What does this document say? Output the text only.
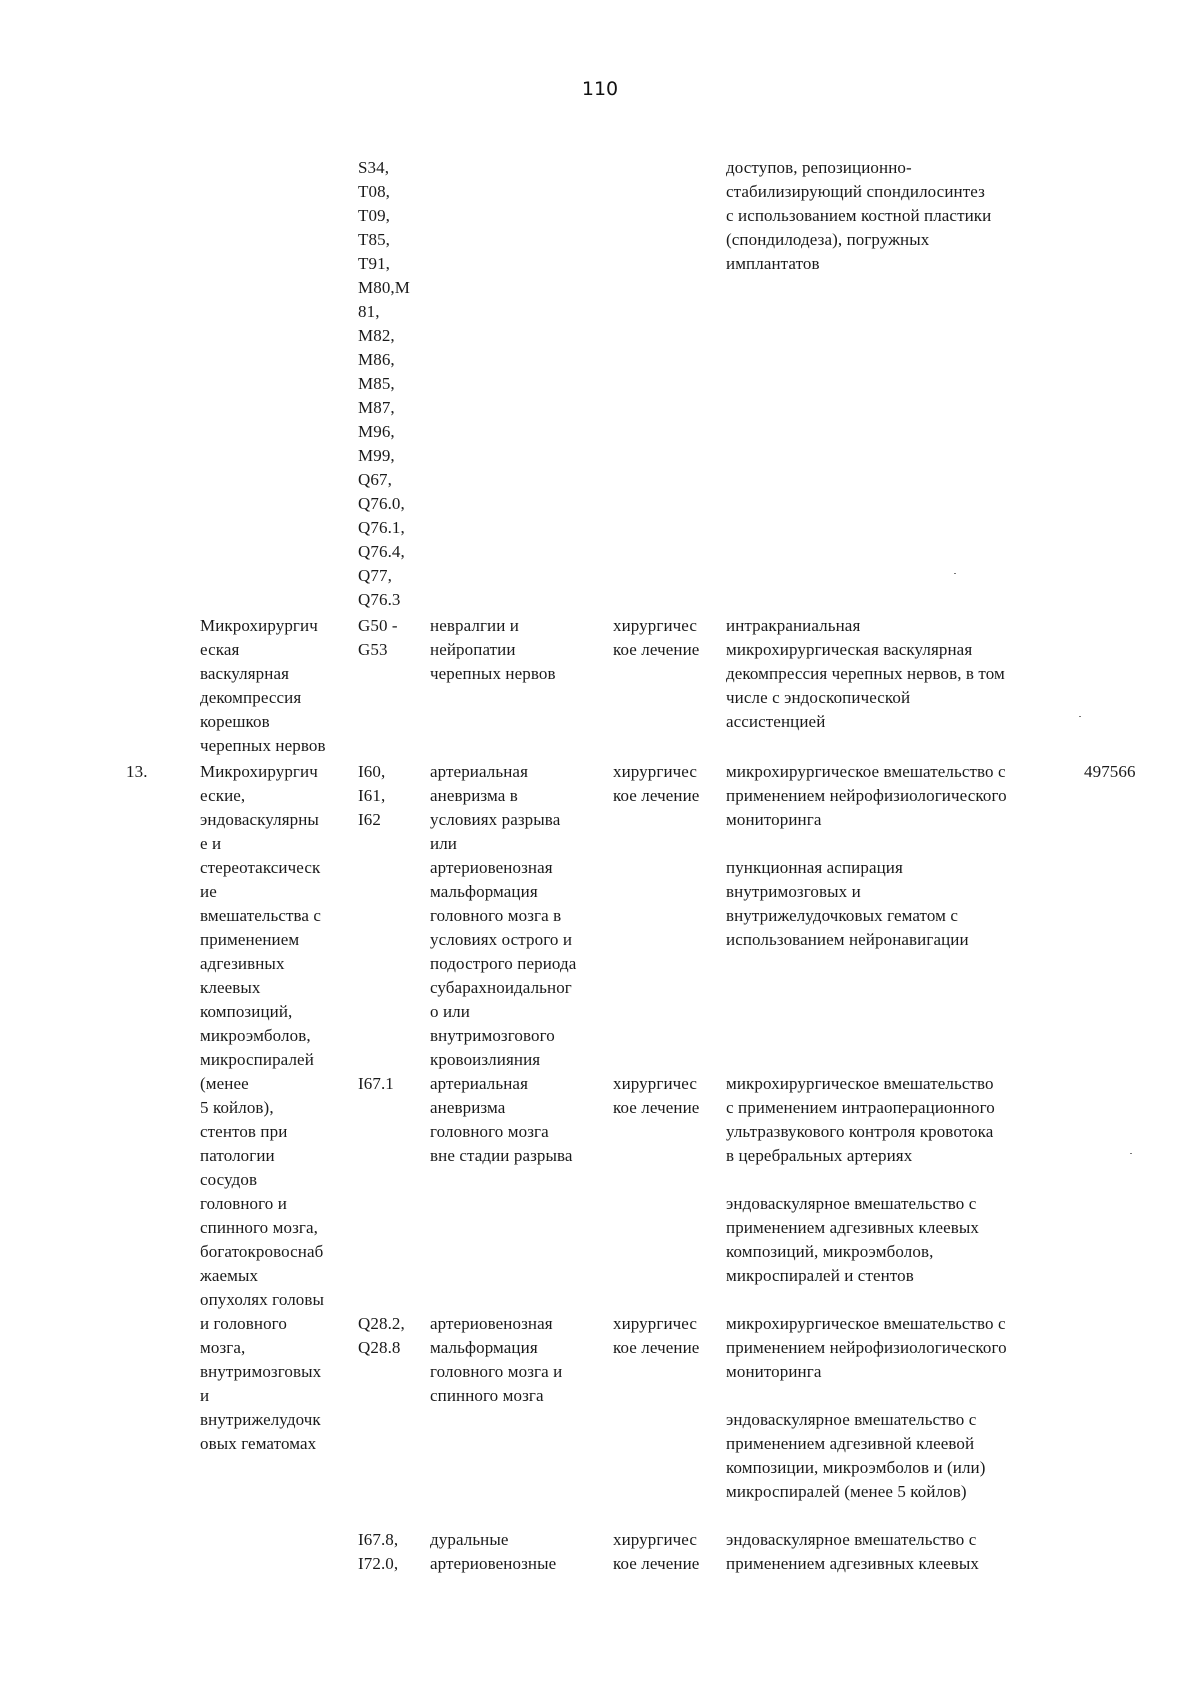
110
S34,
T08,
T09,
T85,
T91,
M80,M
81,
M82,
M86,
M85,
M87,
M96,
M99,
Q67,
Q76.0,
Q76.1,
Q76.4,
Q77,
Q76.3
доступов, репозиционно-
стабилизирующий спондилосинтез
с использованием костной пластики
(спондилодеза), погружных
имплантатов
Микрохирургич
еская
васкулярная
декомпрессия
корешков
черепных нервов
G50 -
G53
невралгии и
нейропатии
черепных нервов
хирургичес
кое лечение
интракраниальная
микрохирургическая васкулярная
декомпрессия черепных нервов, в том
числе с эндоскопической
ассистенцией
13.	Микрохирургич
еские,
эндоваскулярны
е и
стереотаксическ
ие
вмешательства с
применением
адгезивных
клеевых
композиций,
микроэмболов,
микроспиралей
(менее
5 койлов),
стентов при
патологии
сосудов
головного и
спинного мозга,
богатокровоснаб
жаемых
опухолях головы
и головного
мозга,
внутримозговых
и
внутрижелудочк
овых гематомах
I60,
I61,
I62
артериальная
аневризма в
условиях разрыва
или
артериовенозная
мальформация
головного мозга в
условиях острого и
подострого периода
субарахноидальног
о или
внутримозгового
кровоизлияния
хирургичес
кое лечение
микрохирургическое вмешательство с
применением нейрофизиологического
мониторинга
497566
пункционная аспирация
внутримозговых и
внутрижелудочковых гематом с
использованием нейронавигации
I67.1 артериальная
аневризма
головного мозга
вне стадии разрыва
хирургичес
кое лечение
микрохирургическое вмешательство
с применением интраоперационного
ультразвукового контроля кровотока
в церебральных артериях
эндоваскулярное вмешательство с
применением адгезивных клеевых
композиций, микроэмболов,
микроспиралей и стентов
Q28.2,
Q28.8
артериовенозная
мальформация
головного мозга и
спинного мозга
хирургичес
кое лечение
микрохирургическое вмешательство с
применением нейрофизиологического
мониторинга
эндоваскулярное вмешательство с
применением адгезивной клеевой
композиции, микроэмболов и (или)
микроспиралей (менее 5 койлов)
I67.8,
I72.0,
дуральные
артериовенозные
хирургичес
кое лечение
эндоваскулярное вмешательство с
применением адгезивных клеевых
